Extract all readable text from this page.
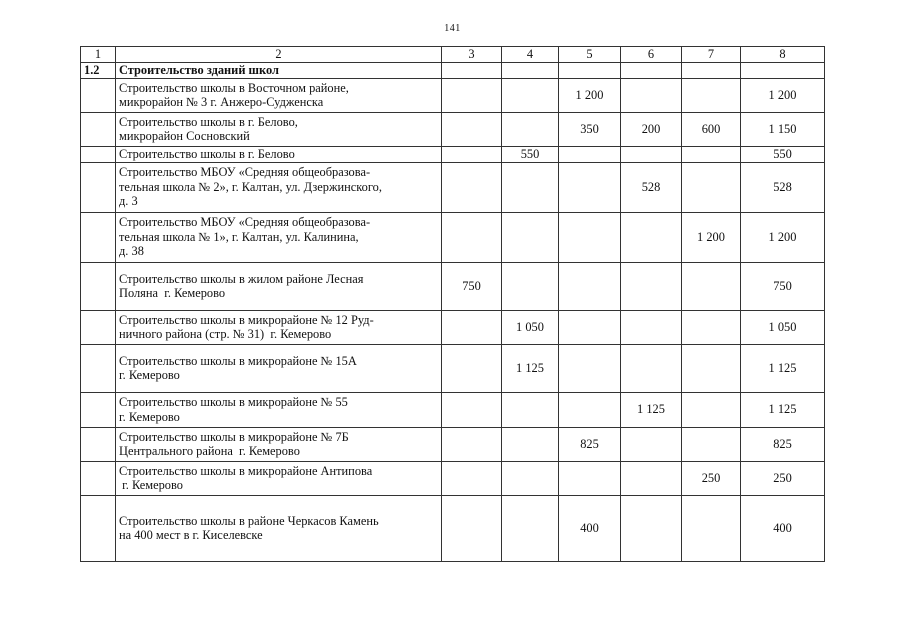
141
1	2	3	4	5	6	7	8
1.2	Строительство зданий школ						

	Строительство школы в Восточном районе,
микрорайон № 3 г. Анжеро-Судженска			1 200			1 200

	Строительство школы в г. Белово,
микрорайон Сосновский			350	200	600	1 150

	Строительство школы в г. Белово		550				550

	Строительство МБОУ «Средняя общеобразова-
тельная школа № 2», г. Калтан, ул. Дзержинского,
д. 3				528		528

	Строительство МБОУ «Средняя общеобразова-
тельная школа № 1», г. Калтан, ул. Калинина,
д. 38					1 200	1 200

	Строительство школы в жилом районе Лесная
Поляна  г. Кемерово	750					750

	Строительство школы в микрорайоне № 12 Руд-
ничного района (стр. № 31)  г. Кемерово		1 050				1 050

	Строительство школы в микрорайоне № 15А
г. Кемерово		1 125				1 125

	Строительство школы в микрорайоне № 55
г. Кемерово				1 125		1 125

	Строительство школы в микрорайоне № 7Б
Центрального района  г. Кемерово			825			825

	Строительство школы в микрорайоне Антипова
г. Кемерово					250	250

	Строительство школы в районе Черкасов Камень
на 400 мест в г. Киселевске			400			400
